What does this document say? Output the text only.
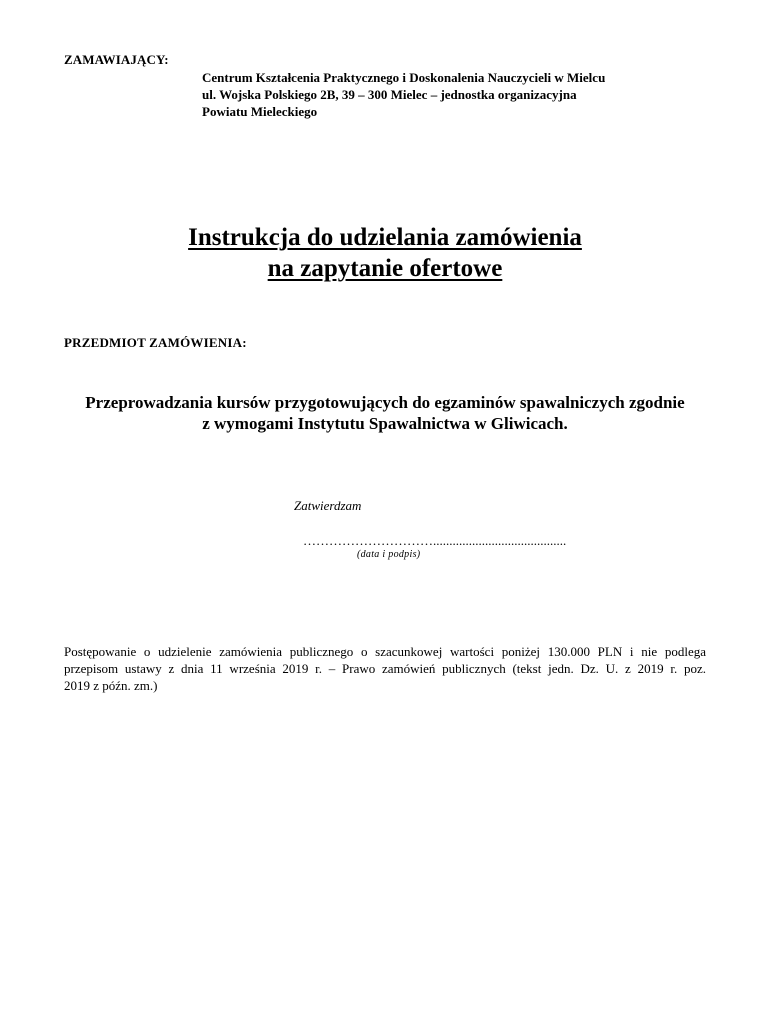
ZAMAWIAJĄCY:
Centrum Kształcenia Praktycznego i Doskonalenia Nauczycieli w Mielcu
ul. Wojska Polskiego 2B, 39 – 300 Mielec – jednostka organizacyjna
Powiatu Mieleckiego
Instrukcja do udzielania zamówienia
na zapytanie ofertowe
PRZEDMIOT ZAMÓWIENIA:
Przeprowadzania kursów przygotowujących do egzaminów spawalniczych zgodnie
z wymogami Instytutu Spawalnictwa w Gliwicach.
Zatwierdzam
………………………….........................................
(data i podpis)
Postępowanie o udzielenie zamówienia publicznego o szacunkowej wartości poniżej 130.000 PLN i nie podlega
przepisom ustawy z dnia 11 września 2019 r. – Prawo zamówień publicznych (tekst jedn. Dz. U. z 2019 r. poz.
2019 z późn. zm.)
